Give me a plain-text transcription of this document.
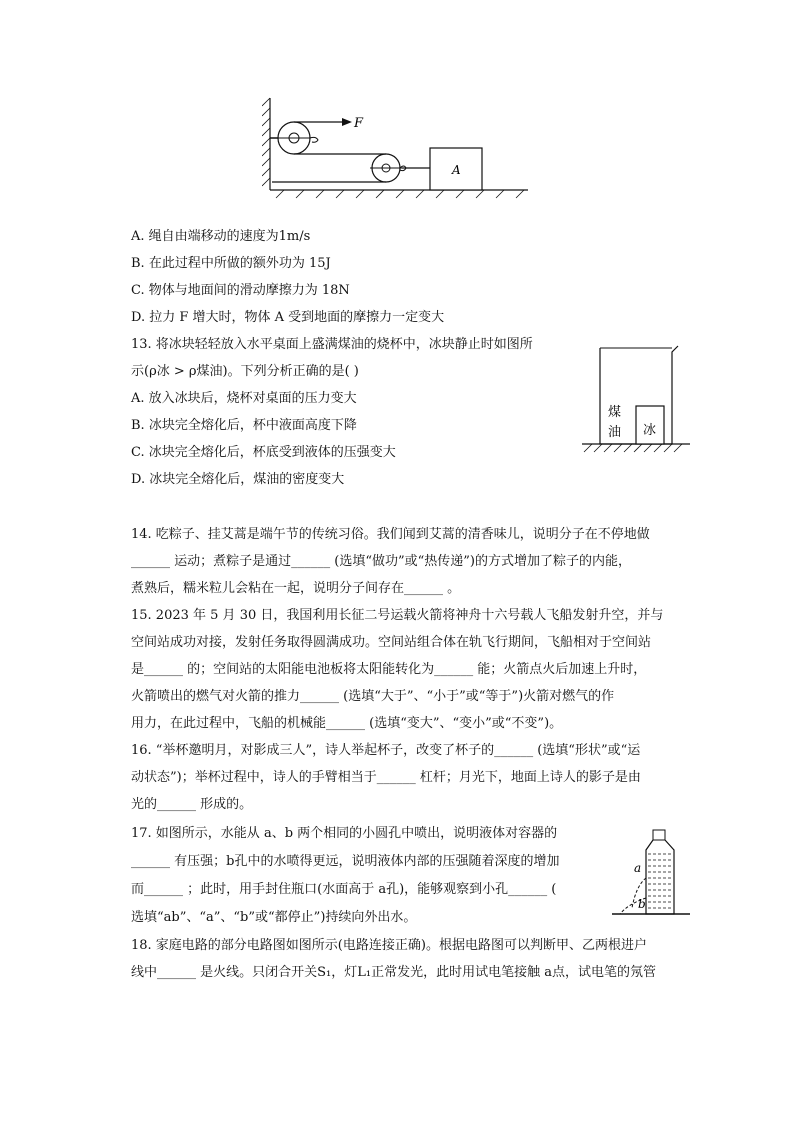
F
A
A. 绳自由端移动的速度为1m/s
B. 在此过程中所做的额外功为 15J
C. 物体与地面间的滑动摩擦力为 18N
D. 拉力 F 增大时，物体 A 受到地面的摩擦力一定变大
13. 将冰块轻轻放入水平桌面上盛满煤油的烧杯中，冰块静止时如图所
示(ρ冰 > ρ煤油)。下列分析正确的是( )
A. 放入冰块后，烧杯对桌面的压力变大
B. 冰块完全熔化后，杯中液面高度下降
C. 冰块完全熔化后，杯底受到液体的压强变大
D. 冰块完全熔化后，煤油的密度变大
煤
油 冰
14. 吃粽子、挂艾蒿是端午节的传统习俗。我们闻到艾蒿的清香味儿，说明分子在不停地做
______ 运动；煮粽子是通过______ (选填“做功”或“热传递”)的方式增加了粽子的内能，
煮熟后，糯米粒儿会粘在一起，说明分子间存在______ 。
15. 2023 年 5 月 30 日，我国利用长征二号运载火箭将神舟十六号载人飞船发射升空，并与
空间站成功对接，发射任务取得圆满成功。空间站组合体在轨飞行期间，飞船相对于空间站
是______ 的；空间站的太阳能电池板将太阳能转化为______ 能；火箭点火后加速上升时，
火箭喷出的燃气对火箭的推力______ (选填“大于”、“小于”或“等于”)火箭对燃气的作
用力，在此过程中，飞船的机械能______ (选填“变大”、“变小”或“不变”)。
16. “举杯邀明月，对影成三人”，诗人举起杯子，改变了杯子的______ (选填“形状”或“运
动状态”)；举杯过程中，诗人的手臂相当于______ 杠杆；月光下，地面上诗人的影子是由
光的______ 形成的。
17. 如图所示，水能从 a、b 两个相同的小圆孔中喷出，说明液体对容器的
______ 有压强；b孔中的水喷得更远，说明液体内部的压强随着深度的增加
而______ ；此时，用手封住瓶口(水面高于 a孔)，能够观察到小孔______ (
选填“ab”、“a”、“b”或“都停止”)持续向外出水。
a
b
18. 家庭电路的部分电路图如图所示(电路连接正确)。根据电路图可以判断甲、乙两根进户
线中______ 是火线。只闭合开关S₁，灯L₁正常发光，此时用试电笔接触 a点，试电笔的氖管
